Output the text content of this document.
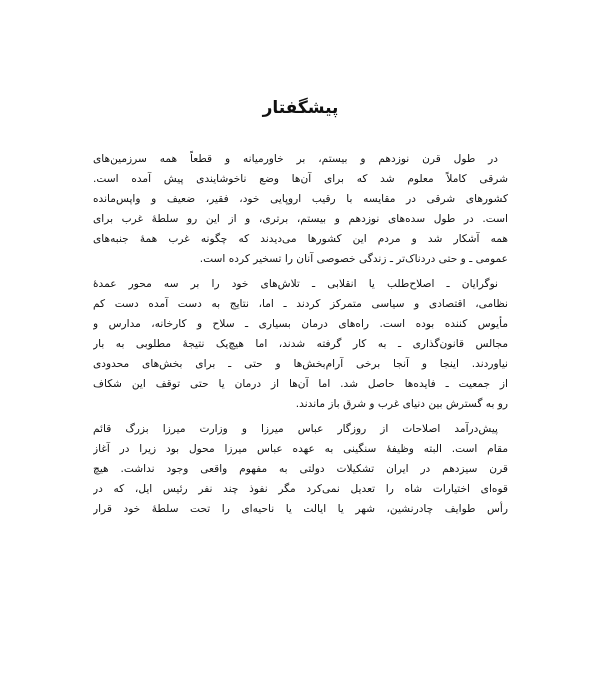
پیشگفتار
در طول قرن نوزدهم و بیستم، بر خاورمیانه و قطعاً همه سرزمین‌های
شرقی کاملاً معلوم شد که برای آن‌ها وضع ناخوشایندی پیش آمده است.
کشورهای شرقی در مقایسه با رقیب اروپایی خود، فقیر، ضعیف و واپس‌مانده
است. در طول سده‌های نوزدهم و بیستم، برتری، و از این رو سلطهٔ غرب برای
همه آشکار شد و مردم این کشورها می‌دیدند که چگونه غرب همهٔ جنبه‌های
عمومی ـ و حتی دردناک‌تر ـ زندگی خصوصی آنان را تسخیر کرده است.
نوگرایان ـ اصلاح‌طلب یا انقلابی ـ تلاش‌های خود را بر سه محور عمدهٔ
نظامی، اقتصادی و سیاسی متمرکز کردند ـ اما، نتایج به دست آمده دست کم
مأیوس کننده بوده است. راه‌های درمان بسیاری ـ سلاح و کارخانه، مدارس و
مجالس قانون‌گذاری ـ به کار گرفته شدند، اما هیچ‌یک نتیجهٔ مطلوبی به بار
نیاوردند. اینجا و آنجا برخی آرام‌بخش‌ها و حتی ـ برای بخش‌های محدودی
از جمعیت ـ فایده‌ها حاصل شد. اما آن‌ها از درمان یا حتی توقف این شکاف
رو به گسترش بین دنیای غرب و شرق باز ماندند.
پیش‌درآمد اصلاحات از روزگار عباس میرزا و وزارت میرزا بزرگ قائم
مقام است. البته وظیفهٔ سنگینی به عهده عباس میرزا محول بود زیرا در آغاز
قرن سیزدهم در ایران تشکیلات دولتی به مفهوم واقعی وجود نداشت. هیچ
قوه‌ای اختیارات شاه را تعدیل نمی‌کرد مگر نفوذ چند نفر رئیس ایل، که در
رأس طوایف چادرنشین، شهر یا ایالت یا ناحیه‌ای را تحت سلطهٔ خود قرار
